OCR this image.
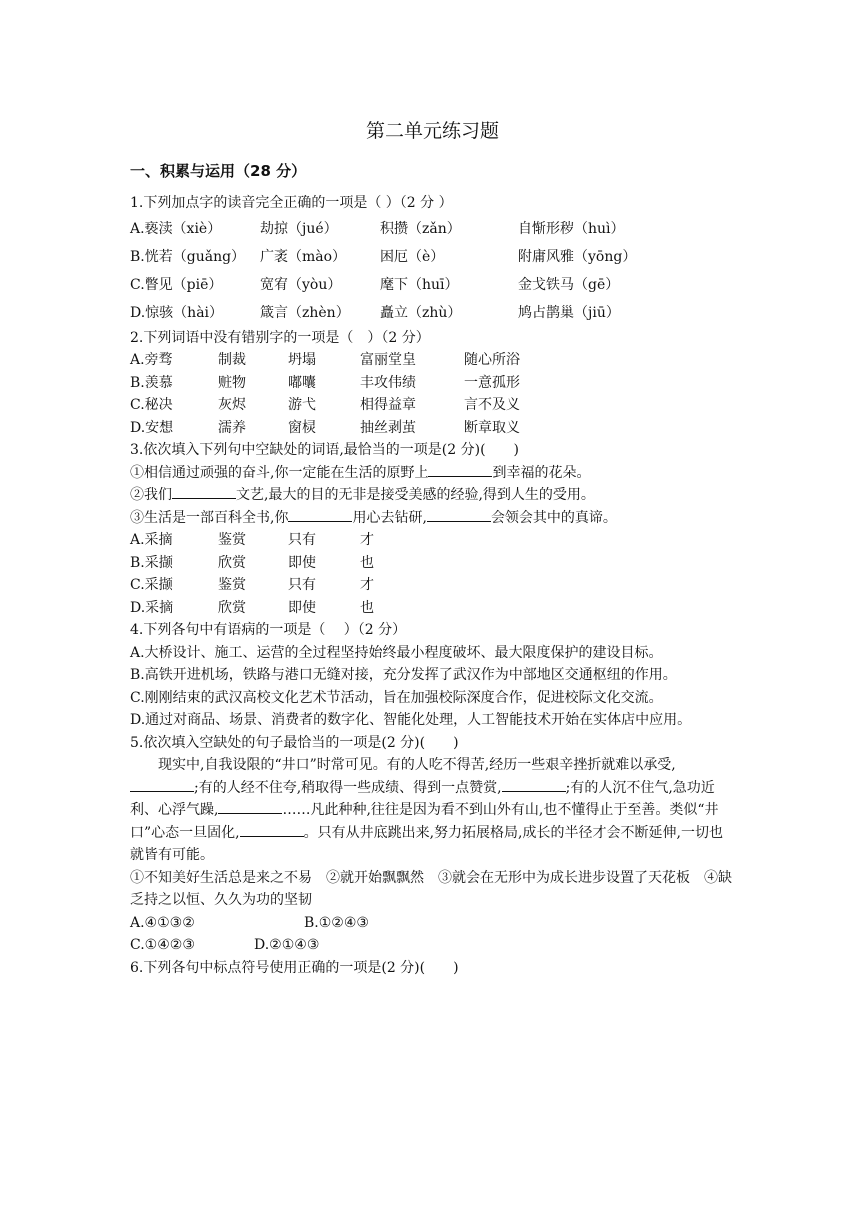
第二单元练习题
一、积累与运用（28 分）
1.下列加点字的读音完全正确的一项是（ ）（2 分 ）
A.亵渎（xiè）	劫掠（jué）	积攒（zǎn）	自惭形秽（huì）
B.恍若（guǎng） 广袤（mào） 困厄（è）	附庸风雅（yōng）
C.瞥见（piē）	宽宥（yòu）	麾下（huī）	金戈铁马（gē）
D.惊骇（hài）	箴言（zhèn） 矗立（zhù）	鸠占鹊巢（jiū）
2.下列词语中没有错别字的一项是（　）（2 分）
A.旁骛	制裁	坍塌	富丽堂皇	随心所浴
B.羡慕	赃物	嘟囔	丰攻伟绩	一意孤形
C.秘决	灰烬	游弋	相得益章	言不及义
D.安想	濡养	窗棂	抽丝剥茧	断章取义
3.依次填入下列句中空缺处的词语,最恰当的一项是(2 分)(　　)
①相信通过顽强的奋斗,你一定能在生活的原野上	到幸福的花朵。
②我们	文艺,最大的目的无非是接受美感的经验,得到人生的受用。
③生活是一部百科全书,你	用心去钻研,	会领会其中的真谛。
A.采摘	鉴赏	只有	才
B.采撷	欣赏	即使	也
C.采撷	鉴赏	只有	才
D.采摘	欣赏	即使	也
4.下列各句中有语病的一项是（　 ）（2 分）
A.大桥设计、施工、运营的全过程坚持始终最小程度破坏、最大限度保护的建设目标。
B.高铁开进机场，铁路与港口无缝对接，充分发挥了武汉作为中部地区交通枢纽的作用。
C.刚刚结束的武汉高校文化艺术节活动，旨在加强校际深度合作，促进校际文化交流。
D.通过对商品、场景、消费者的数字化、智能化处理，人工智能技术开始在实体店中应用。
5.依次填入空缺处的句子最恰当的一项是(2 分)(　　)
现实中,自我设限的“井口”时常可见。有的人吃不得苦,经历一些艰辛挫折就难以承受,
;有的人经不住夸,稍取得一些成绩、得到一点赞赏,	;有的人沉不住气,急功近利、心浮气躁,	……凡此种种,往往是因为看不到山外有山,也不懂得止于至善。类似“井口”心态一旦固化,	。只有从井底跳出来,努力拓展格局,成长的半径才会不断延伸,一切也就皆有可能。
①不知美好生活总是来之不易　②就开始飘飘然　③就会在无形中为成长进步设置了天花板　④缺乏持之以恒、久久为功的坚韧
A.④①③②	B.①②④③
C.①④②③	D.②①④③
6.下列各句中标点符号使用正确的一项是(2 分)(　　)
